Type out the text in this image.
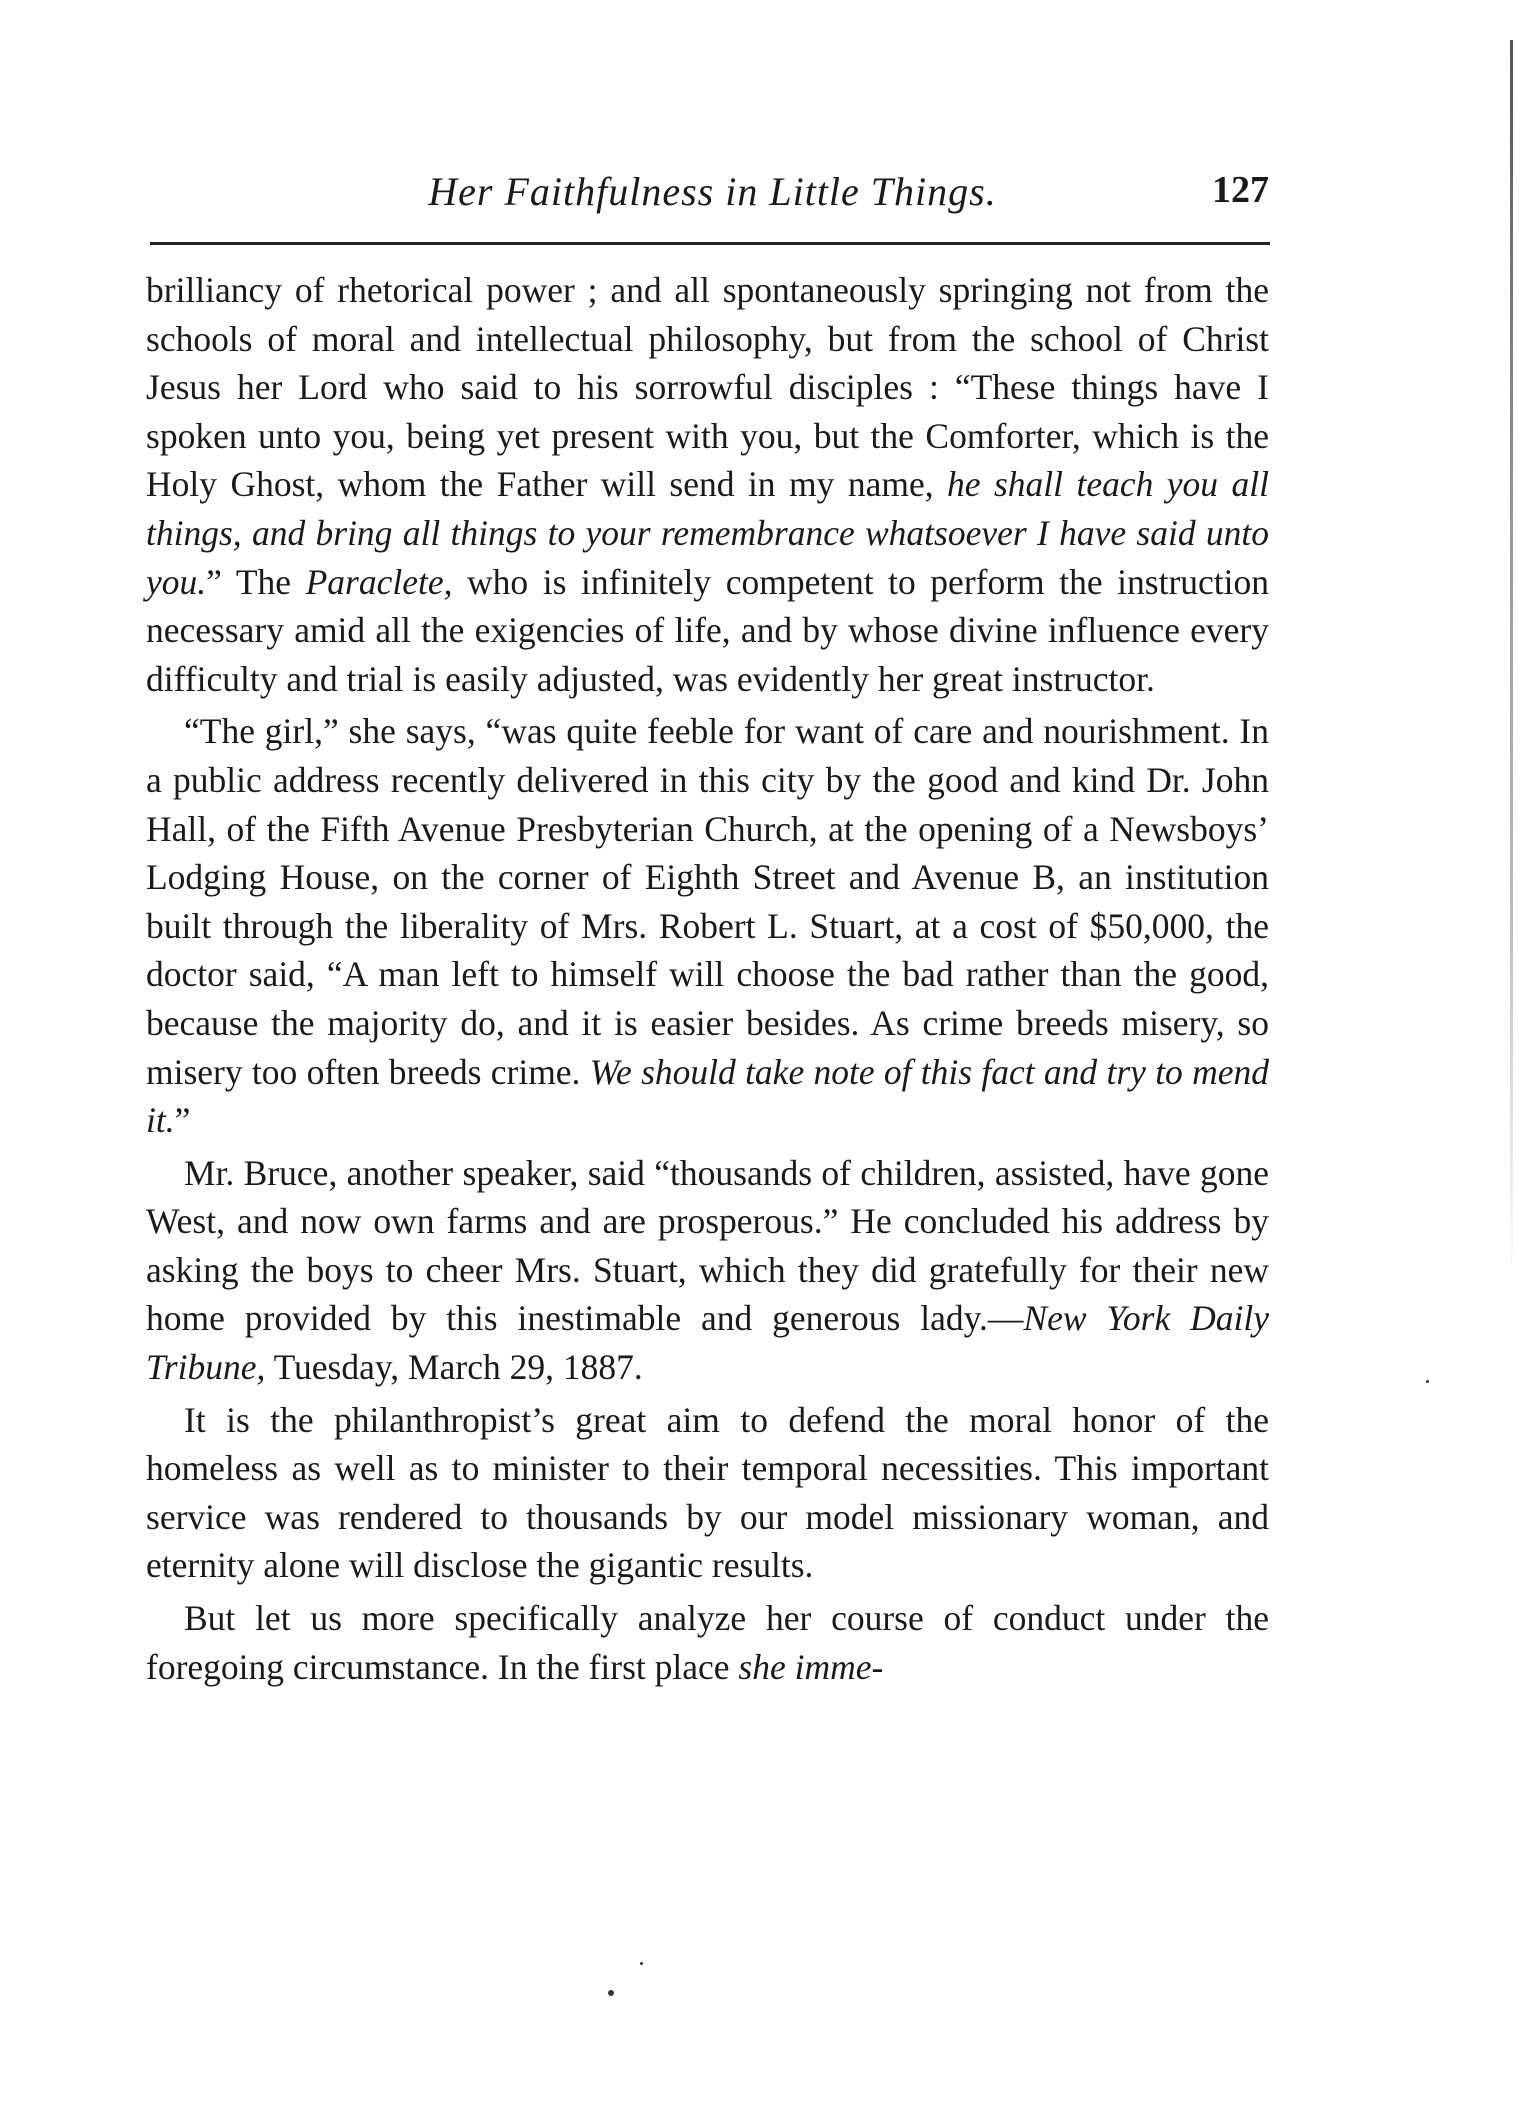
Her Faithfulness in Little Things.	127

brilliancy of rhetorical power ; and all spontaneously springing not from the schools of moral and intellectual philosophy, but from the school of Christ Jesus her Lord who said to his sorrowful disciples : “These things have I spoken unto you, being yet present with you, but the Comforter, which is the Holy Ghost, whom the Father will send in my name, he shall teach you all things, and bring all things to your remembrance whatsoever I have said unto you.” The Paraclete, who is infinitely competent to perform the instruction necessary amid all the exigencies of life, and by whose divine influence every difficulty and trial is easily adjusted, was evidently her great instructor.

“The girl,” she says, “was quite feeble for want of care and nourishment. In a public address recently delivered in this city by the good and kind Dr. John Hall, of the Fifth Avenue Presbyterian Church, at the opening of a Newsboys’ Lodging House, on the corner of Eighth Street and Avenue B, an institution built through the liberality of Mrs. Robert L. Stuart, at a cost of $50,000, the doctor said, “A man left to himself will choose the bad rather than the good, because the majority do, and it is easier besides. As crime breeds misery, so misery too often breeds crime. We should take note of this fact and try to mend it.”

Mr. Bruce, another speaker, said “thousands of children, assisted, have gone West, and now own farms and are prosperous.” He concluded his address by asking the boys to cheer Mrs. Stuart, which they did gratefully for their new home provided by this inestimable and generous lady.—New York Daily Tribune, Tuesday, March 29, 1887.

It is the philanthropist’s great aim to defend the moral honor of the homeless as well as to minister to their temporal necessities. This important service was rendered to thousands by our model missionary woman, and eternity alone will disclose the gigantic results.

But let us more specifically analyze her course of conduct under the foregoing circumstance. In the first place she imme-
